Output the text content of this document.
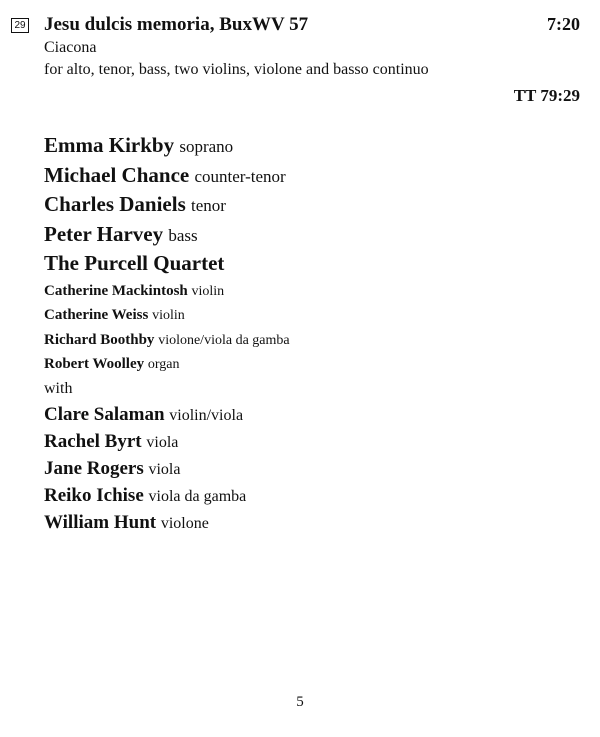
29 Jesu dulcis memoria, BuxWV 57	7:20
Ciacona
for alto, tenor, bass, two violins, violone and basso continuo
TT 79:29
Emma Kirkby soprano
Michael Chance counter-tenor
Charles Daniels tenor
Peter Harvey bass
The Purcell Quartet
Catherine Mackintosh violin
Catherine Weiss violin
Richard Boothby violone/viola da gamba
Robert Woolley organ
with
Clare Salaman violin/viola
Rachel Byrt viola
Jane Rogers viola
Reiko Ichise viola da gamba
William Hunt violone
5
